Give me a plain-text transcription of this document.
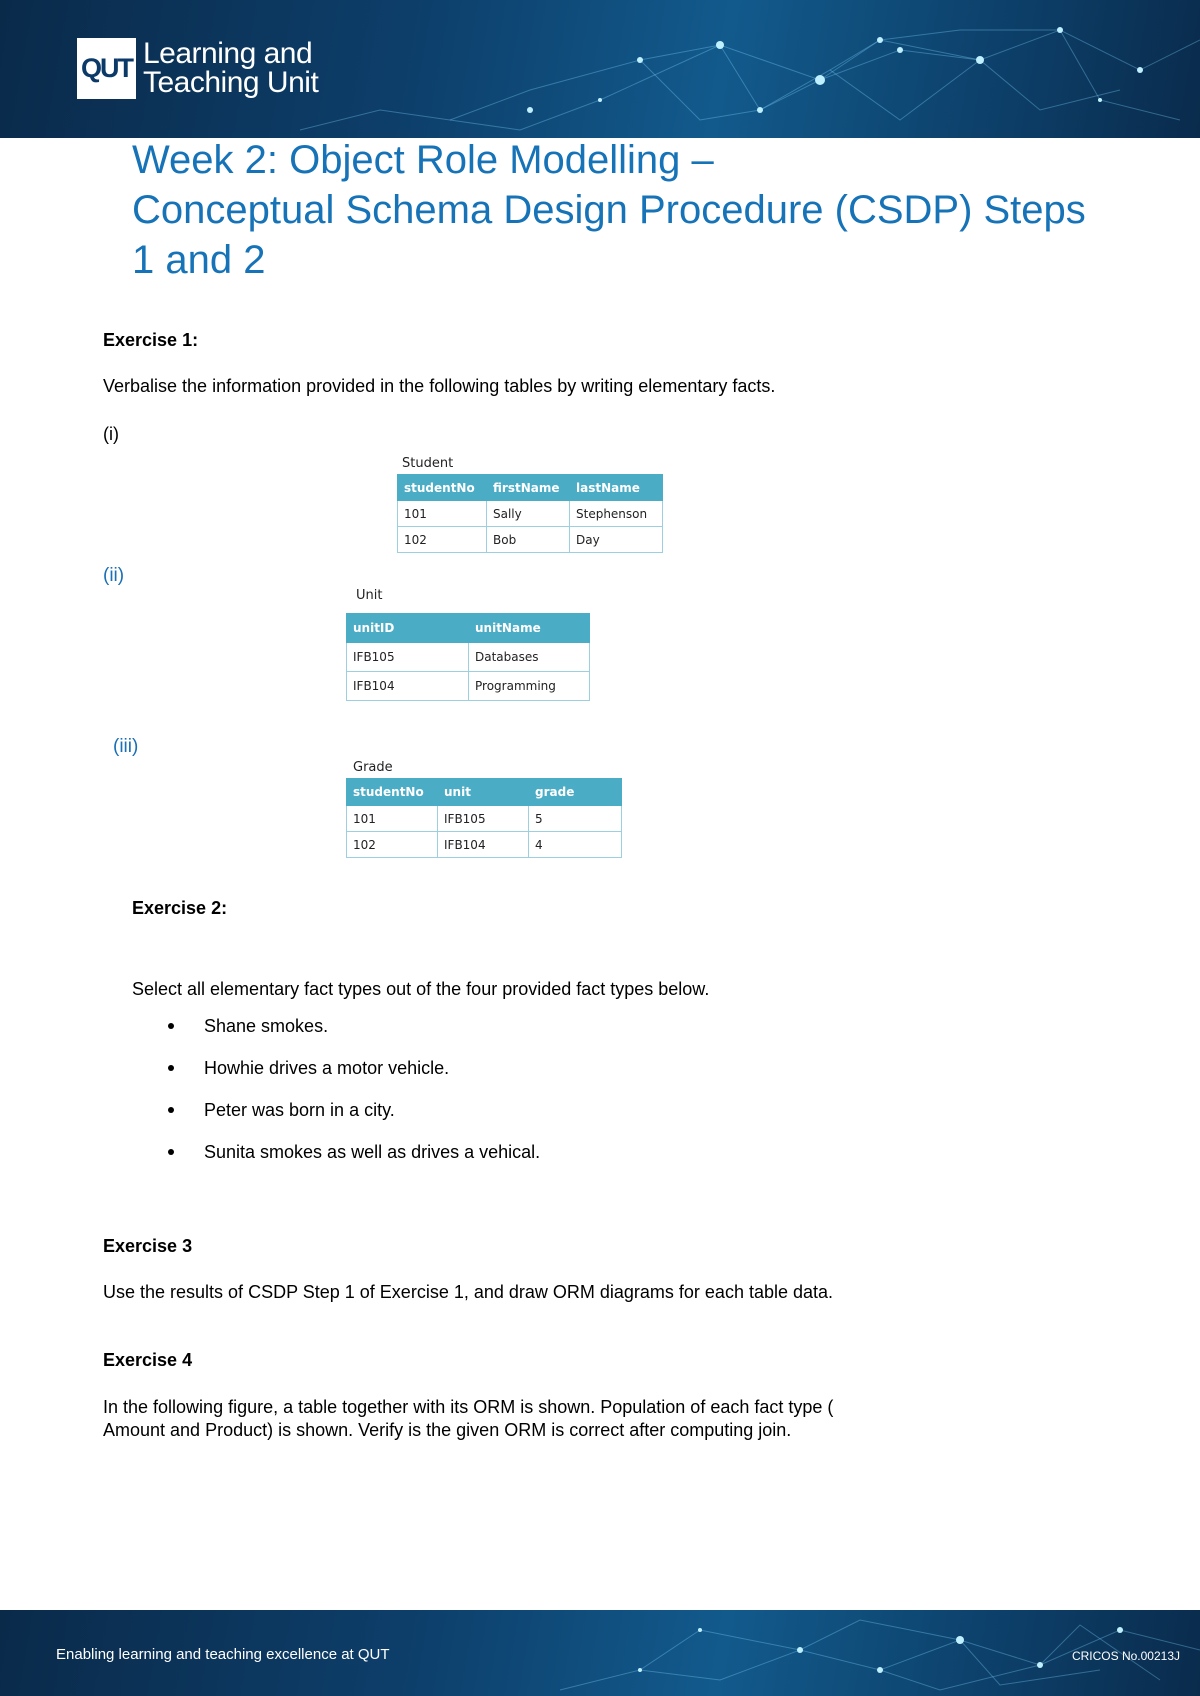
QUT Learning and
Teaching Unit
Week 2: Object Role Modelling –
Conceptual Schema Design Procedure (CSDP) Steps
1 and 2
Exercise 1:
Verbalise the information provided in the following tables by writing elementary facts.
(i)
Student
studentNo	firstName	lastName
101	Sally	Stephenson
102	Bob	Day
(ii)
Unit
unitID	unitName
IFB105	Databases
IFB104	Programming
(iii)
Grade
studentNo	unit	grade
101	IFB105	5
102	IFB104	4
Exercise 2:
Select all elementary fact types out of the four provided fact types below.
Shane smokes.
Howhie drives a motor vehicle.
Peter was born in a city.
Sunita smokes as well as drives a vehical.
Exercise 3
Use the results of CSDP Step 1 of Exercise 1, and draw ORM diagrams for each table data.
Exercise 4
In the following figure, a table together with its ORM is shown. Population of each fact type (
Amount and Product) is shown. Verify is the given ORM is correct after computing join.
Enabling learning and teaching excellence at QUT	CRICOS No.00213J
